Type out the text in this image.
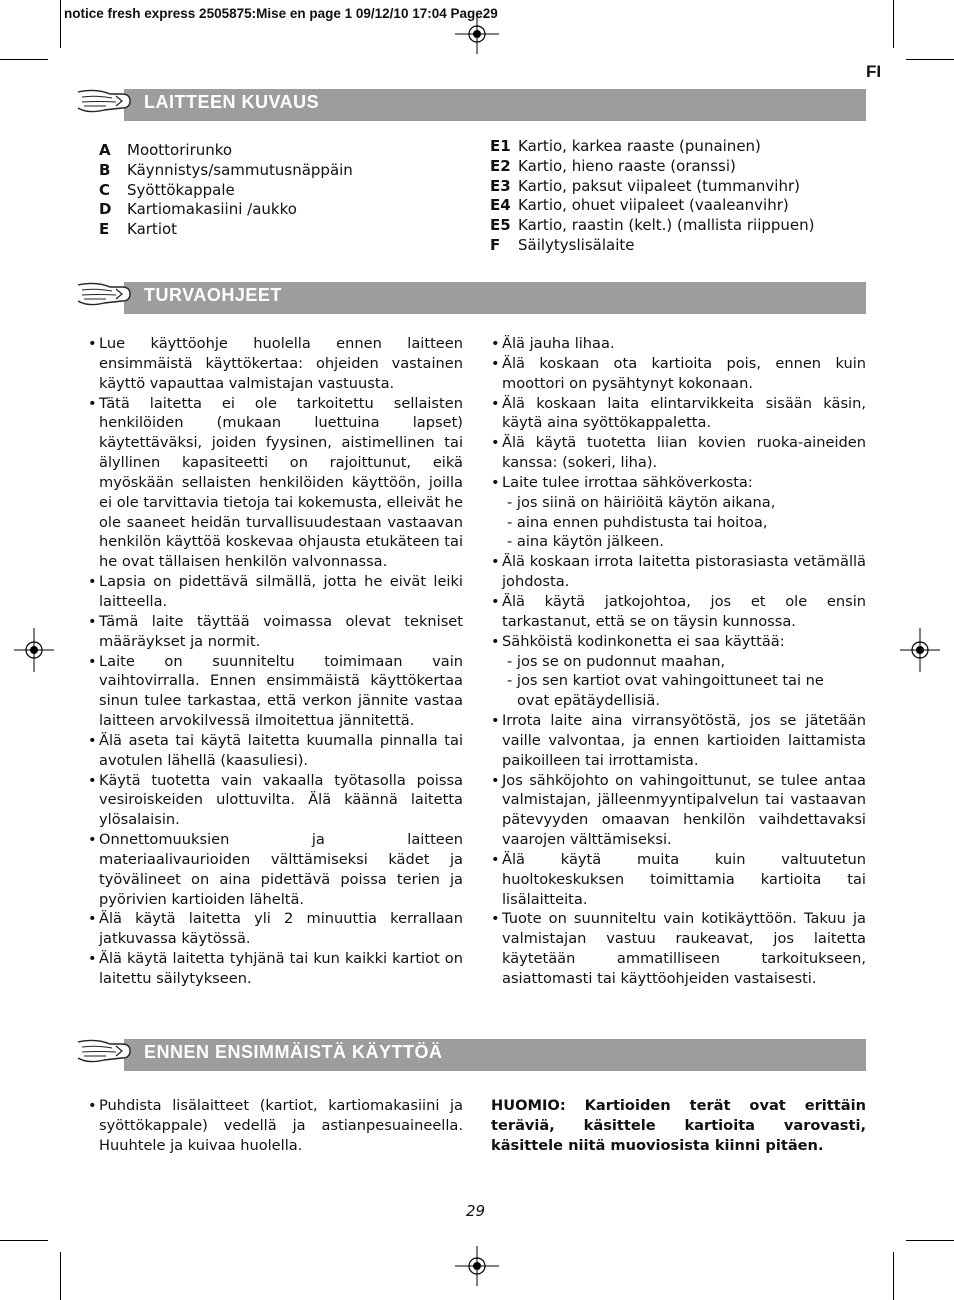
notice fresh express 2505875:Mise en page 1 09/12/10 17:04 Page29
FI
LAITTEEN KUVAUS
A	Moottorirunko
B	Käynnistys/sammutusnäppäin
C	Syöttökappale
D	Kartiomakasiini /aukko
E	Kartiot
E1 Kartio, karkea raaste (punainen)
E2 Kartio, hieno raaste (oranssi)
E3 Kartio, paksut viipaleet (tummanvihr)
E4 Kartio, ohuet viipaleet (vaaleanvihr)
E5 Kartio, raastin (kelt.) (mallista riippuen)
F	Säilytyslisälaite
TURVAOHJEET
• Lue käyttöohje huolella ennen laitteen ensimmäistä käyttökertaa: ohjeiden vastainen käyttö vapauttaa valmistajan vastuusta.
• Tätä laitetta ei ole tarkoitettu sellaisten henkilöiden (mukaan luettuina lapset) käytettäväksi, joiden fyysinen, aistimellinen tai älyllinen kapasiteetti on rajoittunut, eikä myöskään sellaisten henkilöiden käyttöön, joilla ei ole tarvittavia tietoja tai kokemusta, elleivät he ole saaneet heidän turvallisuudestaan vastaavan henkilön käyttöä koskevaa ohjausta etukäteen tai he ovat tällaisen henkilön valvonnassa.
• Lapsia on pidettävä silmällä, jotta he eivät leiki laitteella.
• Tämä laite täyttää voimassa olevat tekniset määräykset ja normit.
• Laite on suunniteltu toimimaan vain vaihtovirralla. Ennen ensimmäistä käyttökertaa sinun tulee tarkastaa, että verkon jännite vastaa laitteen arvokilvessä ilmoitettua jännitettä.
• Älä aseta tai käytä laitetta kuumalla pinnalla tai avotulen lähellä (kaasuliesi).
• Käytä tuotetta vain vakaalla työtasolla poissa vesiroiskeiden ulottuvilta. Älä käännä laitetta ylösalaisin.
• Onnettomuuksien ja laitteen materiaalivaurioiden välttämiseksi kädet ja työvälineet on aina pidettävä poissa terien ja pyörivien kartioiden läheltä.
• Älä käytä laitetta yli 2 minuuttia kerrallaan jatkuvassa käytössä.
• Älä käytä laitetta tyhjänä tai kun kaikki kartiot on laitettu säilytykseen.
• Älä jauha lihaa.
• Älä koskaan ota kartioita pois, ennen kuin moottori on pysähtynyt kokonaan.
• Älä koskaan laita elintarvikkeita sisään käsin, käytä aina syöttökappaletta.
• Älä käytä tuotetta liian kovien ruoka-aineiden kanssa: (sokeri, liha).
• Laite tulee irrottaa sähköverkosta:
- jos siinä on häiriöitä käytön aikana,
- aina ennen puhdistusta tai hoitoa,
- aina käytön jälkeen.
• Älä koskaan irrota laitetta pistorasiasta vetämällä johdosta.
• Älä käytä jatkojohtoa, jos et ole ensin tarkastanut, että se on täysin kunnossa.
• Sähköistä kodinkonetta ei saa käyttää:
- jos se on pudonnut maahan,
- jos sen kartiot ovat vahingoittuneet tai ne
ovat epätäydellisiä.
• Irrota laite aina virransyötöstä, jos se jätetään vaille valvontaa, ja ennen kartioiden laittamista paikoilleen tai irrottamista.
• Jos sähköjohto on vahingoittunut, se tulee antaa valmistajan, jälleenmyyntipalvelun tai vastaavan pätevyyden omaavan henkilön vaihdettavaksi vaarojen välttämiseksi.
• Älä käytä muita kuin valtuutetun huoltokeskuksen toimittamia kartioita tai lisälaitteita.
• Tuote on suunniteltu vain kotikäyttöön. Takuu ja valmistajan vastuu raukeavat, jos laitetta käytetään ammatilliseen tarkoitukseen, asiattomasti tai käyttöohjeiden vastaisesti.
ENNEN ENSIMMÄISTÄ KÄYTTÖÄ
• Puhdista lisälaitteet (kartiot, kartiomakasiini ja syöttökappale) vedellä ja astianpesuaineella. Huuhtele ja kuivaa huolella.
HUOMIO: Kartioiden terät ovat erittäin teräviä, käsittele kartioita varovasti, käsittele niitä muoviosista kiinni pitäen.
29
